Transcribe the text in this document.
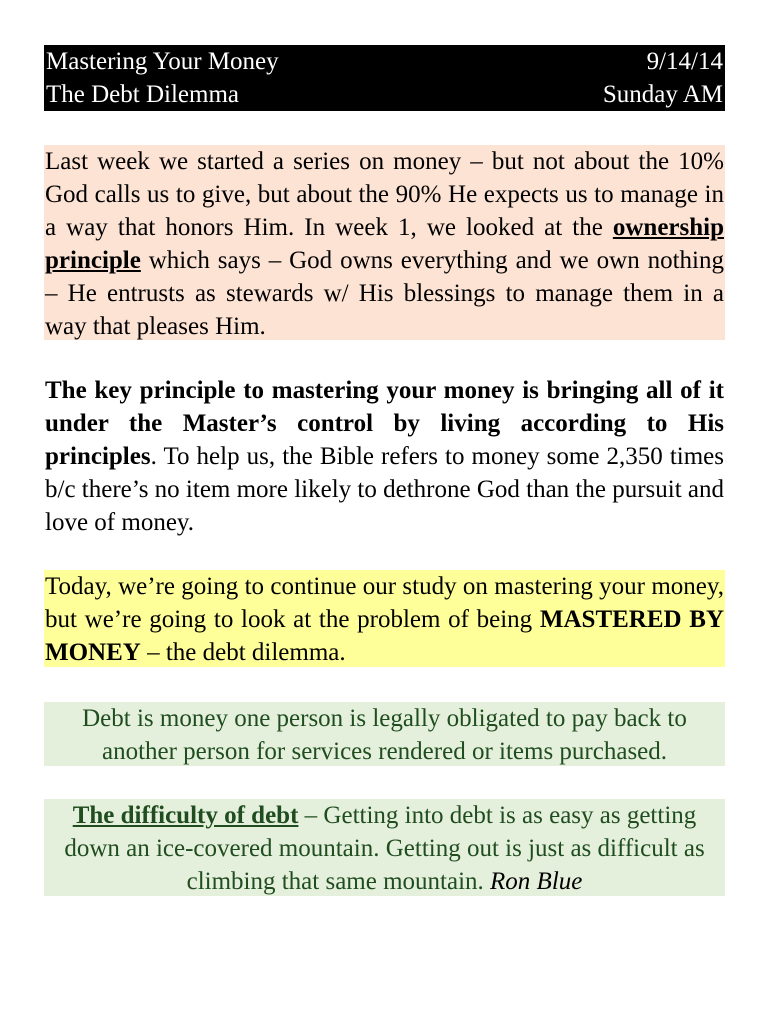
Mastering Your Money	9/14/14
The Debt Dilemma	Sunday AM
Last week we started a series on money – but not about the 10% God calls us to give, but about the 90% He expects us to manage in a way that honors Him. In week 1, we looked at the ownership principle which says – God owns everything and we own nothing – He entrusts as stewards w/ His blessings to manage them in a way that pleases Him.
The key principle to mastering your money is bringing all of it under the Master’s control by living according to His principles. To help us, the Bible refers to money some 2,350 times b/c there’s no item more likely to dethrone God than the pursuit and love of money.
Today, we’re going to continue our study on mastering your money, but we’re going to look at the problem of being MASTERED BY MONEY – the debt dilemma.
Debt is money one person is legally obligated to pay back to another person for services rendered or items purchased.
The difficulty of debt – Getting into debt is as easy as getting down an ice-covered mountain. Getting out is just as difficult as climbing that same mountain. Ron Blue
